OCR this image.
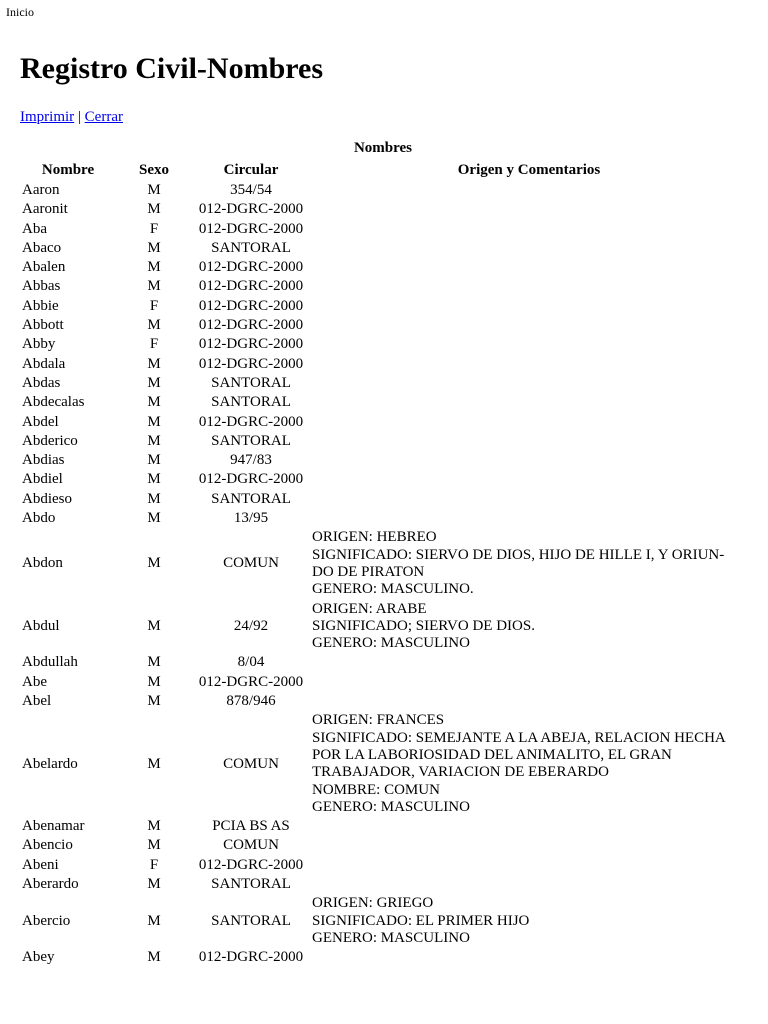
Inicio
Registro Civil-Nombres
Imprimir | Cerrar
Nombres
Nombre	Sexo	Circular	Origen y Comentarios
Aaron	M	354/54	
Aaronit	M	012-DGRC-2000	
Aba	F	012-DGRC-2000	
Abaco	M	SANTORAL	
Abalen	M	012-DGRC-2000	
Abbas	M	012-DGRC-2000	
Abbie	F	012-DGRC-2000	
Abbott	M	012-DGRC-2000	
Abby	F	012-DGRC-2000	
Abdala	M	012-DGRC-2000	
Abdas	M	SANTORAL	
Abdecalas	M	SANTORAL	
Abdel	M	012-DGRC-2000	
Abderico	M	SANTORAL	
Abdias	M	947/83	
Abdiel	M	012-DGRC-2000	
Abdieso	M	SANTORAL	
Abdo	M	13/95	
Abdon	M	COMUN	ORIGEN: HEBREO
SIGNIFICADO: SIERVO DE DIOS, HIJO DE HILLE I, Y ORIUN- DO DE PIRATON
GENERO: MASCULINO.

Abdul	M	24/92	ORIGEN: ARABE
SIGNIFICADO; SIERVO DE DIOS.
GENERO: MASCULINO

Abdullah	M	8/04	
Abe	M	012-DGRC-2000	
Abel	M	878/946	
Abelardo	M	COMUN	ORIGEN: FRANCES
SIGNIFICADO: SEMEJANTE A LA ABEJA, RELACION HECHA POR LA LABORIOSIDAD DEL ANIMALITO, EL GRAN TRABAJADOR, VARIACION DE EBERARDO
NOMBRE: COMUN
GENERO: MASCULINO

Abenamar	M	PCIA BS AS	
Abencio	M	COMUN	
Abeni	F	012-DGRC-2000	
Aberardo	M	SANTORAL	
Abercio	M	SANTORAL	ORIGEN: GRIEGO
SIGNIFICADO: EL PRIMER HIJO
GENERO: MASCULINO

Abey	M	012-DGRC-2000	
